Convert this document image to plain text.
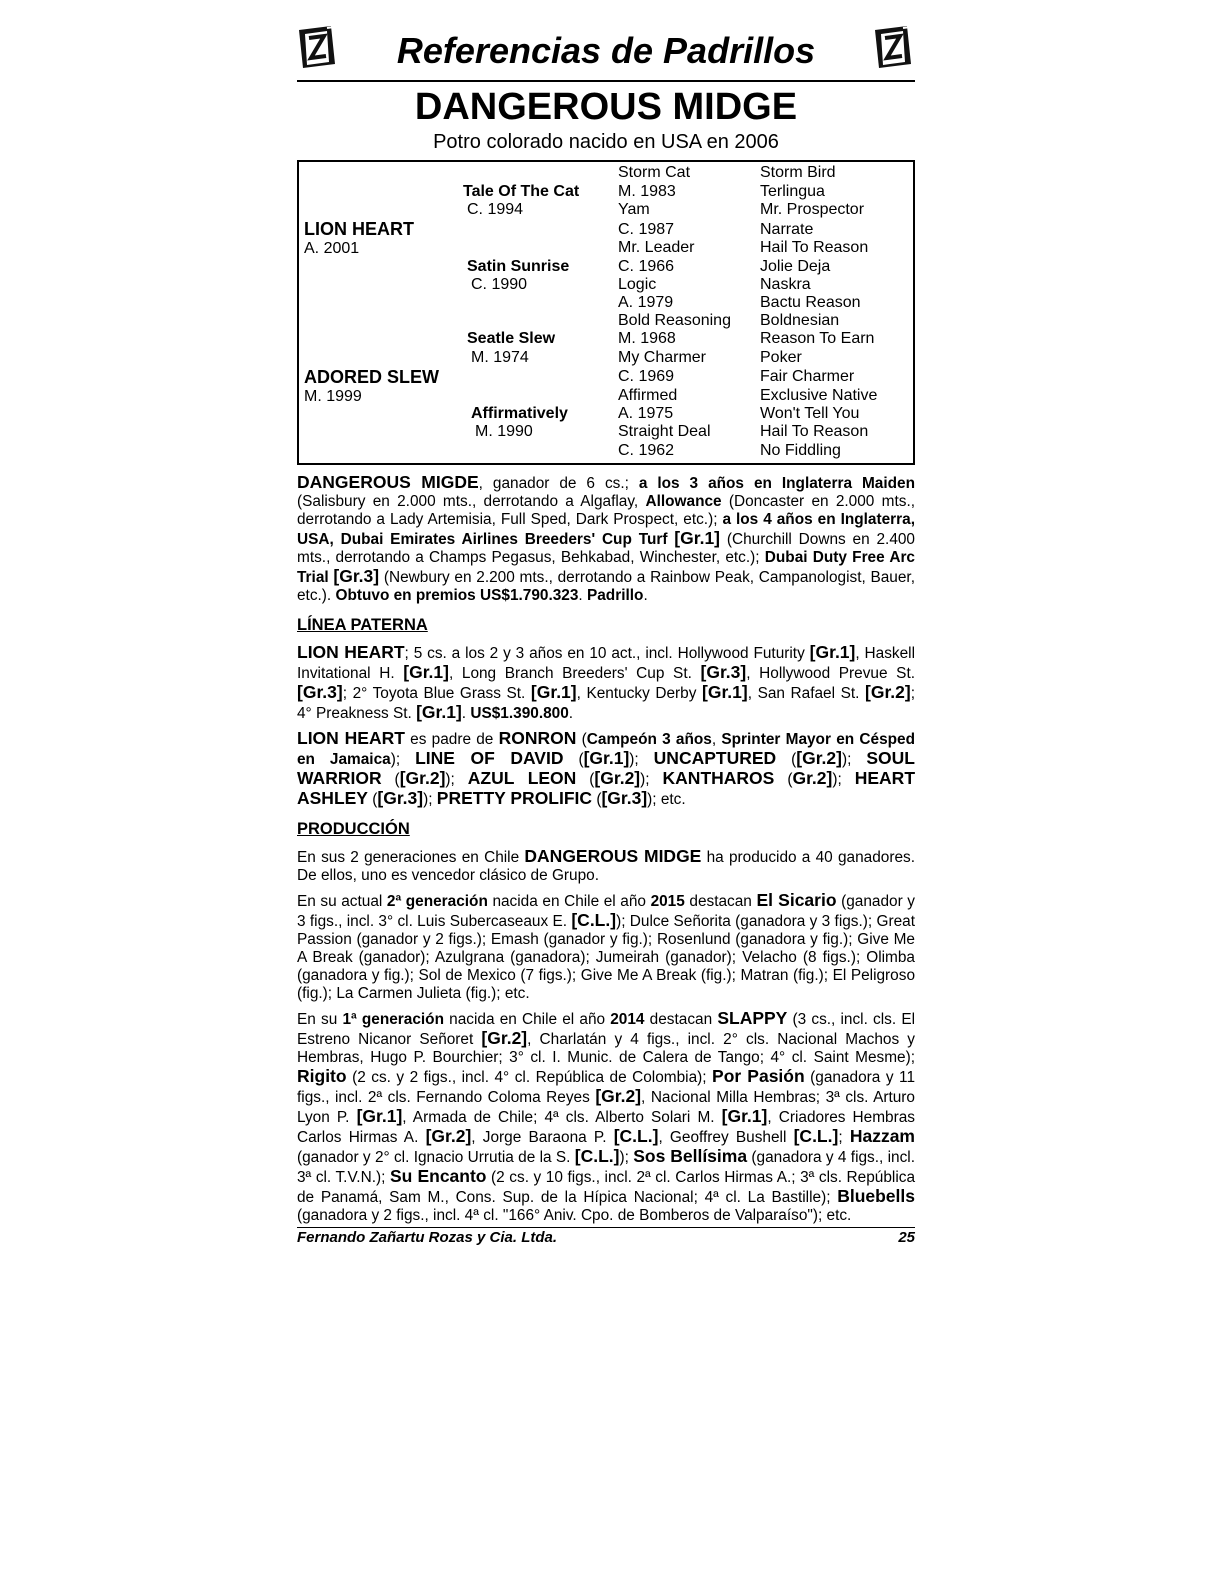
Referencias de Padrillos
DANGEROUS MIDGE
Potro colorado nacido en USA en 2006
LION HEART
A. 2001
ADORED SLEW
M. 1999
Tale Of The Cat
C. 1994
Satin Sunrise
C. 1990
Seatle Slew
M. 1974
Affirmatively
M. 1990
Storm Cat
M. 1983
Yam
C. 1987
Mr. Leader
C. 1966
Logic
A. 1979
Bold Reasoning
M. 1968
My Charmer
C. 1969
Affirmed
A. 1975
Straight Deal
C. 1962
Storm Bird
Terlingua
Mr. Prospector
Narrate
Hail To Reason
Jolie Deja
Naskra
Bactu Reason
Boldnesian
Reason To Earn
Poker
Fair Charmer
Exclusive Native
Won't Tell You
Hail To Reason
No Fiddling

DANGEROUS MIGDE, ganador de 6 cs.; a los 3 años en Inglaterra Maiden (Salisbury en 2.000 mts., derrotando a Algaflay, Allowance (Doncaster en 2.000 mts., derrotando a Lady Artemisia, Full Sped, Dark Prospect, etc.); a los 4 años en Inglaterra, USA, Dubai Emirates Airlines Breeders' Cup Turf [Gr.1] (Churchill Downs en 2.400 mts., derrotando a Champs Pegasus, Behkabad, Winchester, etc.); Dubai Duty Free Arc Trial [Gr.3] (Newbury en 2.200 mts., derrotando a Rainbow Peak, Campanologist, Bauer, etc.). Obtuvo en premios US$1.790.323. Padrillo.

LÍNEA PATERNA

LION HEART; 5 cs. a los 2 y 3 años en 10 act., incl. Hollywood Futurity [Gr.1], Haskell Invitational H. [Gr.1], Long Branch Breeders' Cup St. [Gr.3], Hollywood Prevue St. [Gr.3]; 2° Toyota Blue Grass St. [Gr.1], Kentucky Derby [Gr.1], San Rafael St. [Gr.2]; 4° Preakness St. [Gr.1]. US$1.390.800.

LION HEART es padre de RONRON (Campeón 3 años, Sprinter Mayor en Césped en Jamaica); LINE OF DAVID ([Gr.1]); UNCAPTURED ([Gr.2]); SOUL WARRIOR ([Gr.2]); AZUL LEON ([Gr.2]); KANTHAROS (Gr.2]); HEART ASHLEY ([Gr.3]); PRETTY PROLIFIC ([Gr.3]); etc.

PRODUCCIÓN

En sus 2 generaciones en Chile DANGEROUS MIDGE ha producido a 40 ganadores. De ellos, uno es vencedor clásico de Grupo.

En su actual 2ª generación nacida en Chile el año 2015 destacan El Sicario (ganador y 3 figs., incl. 3° cl. Luis Subercaseaux E. [C.L.]); Dulce Señorita (ganadora y 3 figs.); Great Passion (ganador y 2 figs.); Emash (ganador y fig.); Rosenlund (ganadora y fig.); Give Me A Break (ganador); Azulgrana (ganadora); Jumeirah (ganador); Velacho (8 figs.); Olimba (ganadora y fig.); Sol de Mexico (7 figs.); Give Me A Break (fig.); Matran (fig.); El Peligroso (fig.); La Carmen Julieta (fig.); etc.

En su 1ª generación nacida en Chile el año 2014 destacan SLAPPY (3 cs., incl. cls. El Estreno Nicanor Señoret [Gr.2], Charlatán y 4 figs., incl. 2° cls. Nacional Machos y Hembras, Hugo P. Bourchier; 3° cl. I. Munic. de Calera de Tango; 4° cl. Saint Mesme); Rigito (2 cs. y 2 figs., incl. 4° cl. República de Colombia); Por Pasión (ganadora y 11 figs., incl. 2ª cls. Fernando Coloma Reyes [Gr.2], Nacional Milla Hembras; 3ª cls. Arturo Lyon P. [Gr.1], Armada de Chile; 4ª cls. Alberto Solari M. [Gr.1], Criadores Hembras Carlos Hirmas A. [Gr.2], Jorge Baraona P. [C.L.], Geoffrey Bushell [C.L.]; Hazzam (ganador y 2° cl. Ignacio Urrutia de la S. [C.L.]); Sos Bellísima (ganadora y 4 figs., incl. 3ª cl. T.V.N.); Su Encanto (2 cs. y 10 figs., incl. 2ª cl. Carlos Hirmas A.; 3ª cls. República de Panamá, Sam M., Cons. Sup. de la Hípica Nacional; 4ª cl. La Bastille); Bluebells (ganadora y 2 figs., incl. 4ª cl. "166° Aniv. Cpo. de Bomberos de Valparaíso"); etc.

Fernando Zañartu Rozas y Cia. Ltda.	25
